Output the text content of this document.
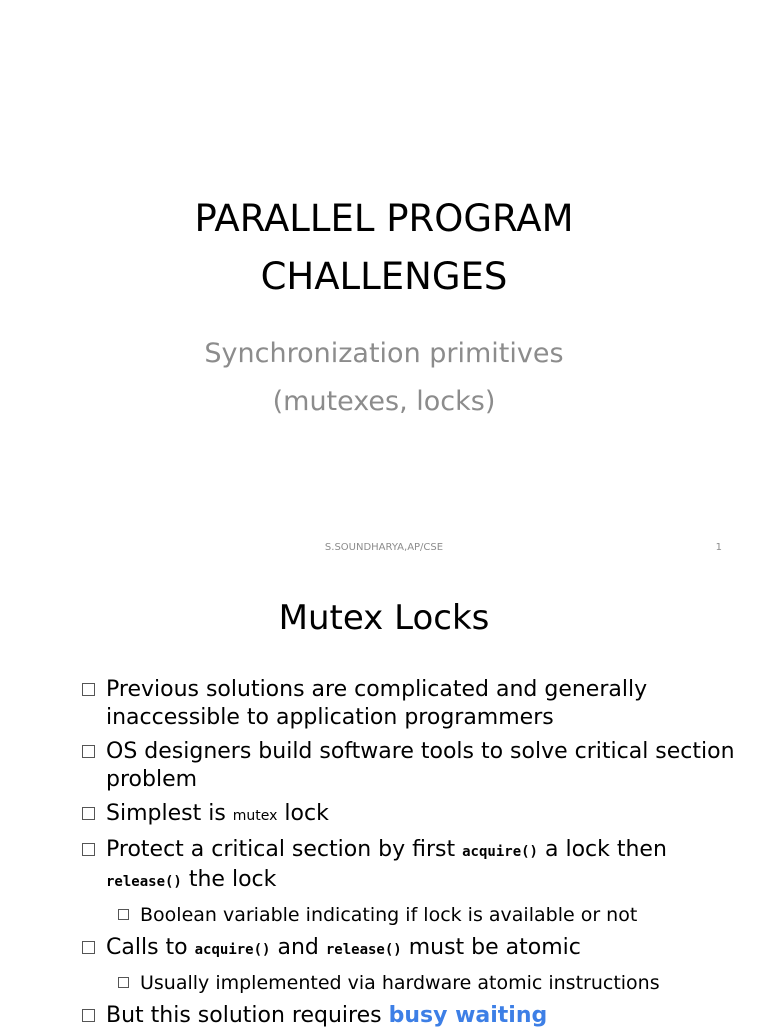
PARALLEL PROGRAM
CHALLENGES
Synchronization primitives
(mutexes, locks)
S.SOUNDHARYA,AP/CSE	1
Mutex Locks
Previous solutions are complicated and generally inaccessible to application programmers
OS designers build software tools to solve critical section problem
Simplest is mutex lock
Protect a critical section by first acquire() a lock then release() the lock
Boolean variable indicating if lock is available or not
Calls to acquire() and release() must be atomic
Usually implemented via hardware atomic instructions
But this solution requires busy waiting
